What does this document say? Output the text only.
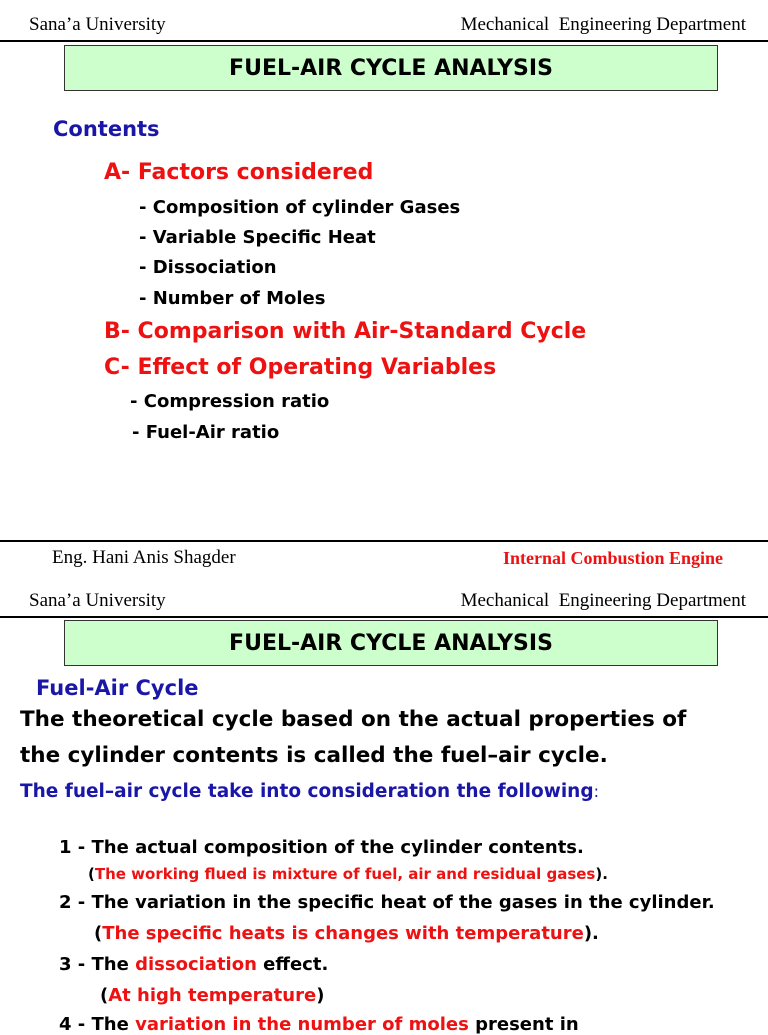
Sana’a University	Mechanical  Engineering Department
FUEL-AIR CYCLE ANALYSIS
Contents
A- Factors considered
- Composition of cylinder Gases
- Variable Specific Heat
- Dissociation
- Number of Moles
B- Comparison with Air-Standard Cycle
C- Effect of Operating Variables
- Compression ratio
- Fuel-Air ratio
Eng. Hani Anis Shagder	Internal Combustion Engine
Sana’a University	Mechanical  Engineering Department
FUEL-AIR CYCLE ANALYSIS
Fuel-Air Cycle
The theoretical cycle based on the actual properties of
the cylinder contents is called the fuel–air cycle.
The fuel–air cycle take into consideration the following:
1 - The actual composition of the cylinder contents.
(The working flued is mixture of fuel, air and residual gases).
2 - The variation in the specific heat of the gases in the cylinder.
(The specific heats is changes with temperature).
3 - The dissociation effect.
(At high temperature)
4 - The variation in the number of moles present in
